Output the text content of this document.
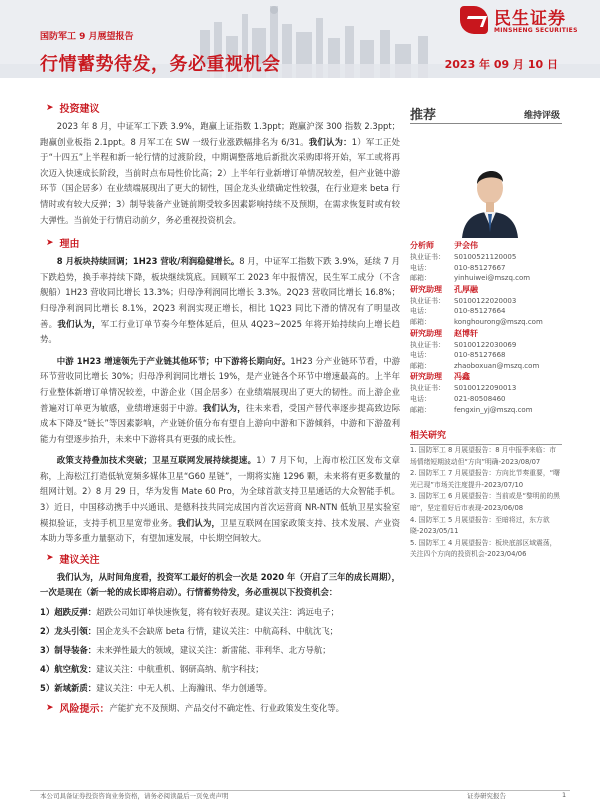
国防军工 9 月展望报告
行情蓄势待发，务必重视机会	2023 年 09 月 10 日
民生证券
MINSHENG SECURITIES
➤ 投资建议

2023 年 8 月，中证军工下跌 3.9%，跑赢上证指数 1.3ppt；跑赢沪深 300 指数 2.3ppt；跑赢创业板指 2.1ppt。8 月军工在 SW 一级行业涨跌幅排名为 6/31。我们认为：1）军工正处于“十四五”上半程和新一轮行情的过渡阶段，中期调整落地后新批次采购即将开始，军工或将再次迈入快速成长阶段，当前时点布局性价比高；2）上半年行业新增订单情况较差，但产业链中游环节（国企居多）在业绩端展现出了更大的韧性，国企龙头业绩确定性较强，在行业迎来 beta 行情时或有较大反弹；3）制导装备产业链前期受较多因素影响持续不及预期，在需求恢复时或有较大弹性。当前处于行情启动前夕，务必重视投资机会。

➤ 理由

8 月板块持续回调；1H23 营收/利润稳健增长。8 月，中证军工指数下跌 3.9%，延续 7 月下跌趋势，换手率持续下降，板块继续筑底。回顾军工 2023 年中报情况，民生军工成分（不含舰船）1H23 营收同比增长 13.3%；归母净利润同比增长 3.3%。2Q23 营收同比增长 16.8%；归母净利润同比增长 8.1%，2Q23 利润实现正增长，相比 1Q23 同比下滑的情况有了明显改善。我们认为，军工行业订单节奏今年整体延后，但从 4Q23~2025 年将开始持续向上增长趋势。

中游 1H23 增速领先于产业链其他环节；中下游将长期向好。1H23 分产业链环节看，中游环节营收同比增长 30%；归母净利润同比增长 19%，是产业链各个环节中增速最高的。上半年行业整体新增订单情况较差，中游企业（国企居多）在业绩端展现出了更大的韧性。而上游企业普遍对订单更为敏感，业绩增速弱于中游。我们认为，往未来看，受国产替代率逐步提高致边际成本下降及“链长”等因素影响，产业链价值分布有望自上游向中游和下游倾斜，中游和下游盈利能力有望逐步抬升，未来中下游将具有更强的成长性。

政策支持叠加技术突破；卫星互联网发展持续提速。1）7 月下旬，上海市松江区发布文章称，上海松江打造低轨宽频多媒体卫星“G60 星链”，一期将实施 1296 颗，未来将有更多数量的组网计划。2）8 月 29 日，华为发售 Mate 60 Pro，为全球首款支持卫星通话的大众智能手机。3）近日，中国移动携手中兴通讯、是德科技共同完成国内首次运营商 NR-NTN 低轨卫星实验室模拟验证，支持手机卫星宽带业务。我们认为，卫星互联网在国家政策支持、技术发展、产业资本助力等多重力量驱动下，有望加速发展，中长期空间较大。

➤ 建议关注

我们认为，从时间角度看，投资军工最好的机会一次是 2020 年（开启了三年的成长周期），一次是现在（新一轮的成长即将启动）。行情蓄势待发，务必重视以下投资机会：

1）超跌反弹：超跌公司如订单快速恢复，将有较好表现。建议关注：鸿远电子；
2）龙头引领：国企龙头不会缺席 beta 行情，建议关注：中航高科、中航沈飞；
3）制导装备：未来弹性最大的领域，建议关注：新雷能、菲利华、北方导航；
4）航空航发：建议关注：中航重机、钢研高纳、航宇科技；
5）新域新质：建议关注：中无人机、上海瀚讯、华力创通等。
➤ 风险提示： 产能扩充不及预期、产品交付不确定性、行业政策发生变化等。
推荐	维持评级
分析师	尹会伟
执业证书：	S0100521120005
电话：	010-85127667
邮箱：	yinhuiwei@mszq.com
研究助理	孔厚融
执业证书：	S0100122020003
电话：	010-85127664
邮箱：	konghourong@mszq.com
研究助理	赵博轩
执业证书：	S0100122030069
电话：	010-85127668
邮箱：	zhaoboxuan@mszq.com
研究助理	冯鑫
执业证书：	S0100122090013
电话：	021-80508460
邮箱：	fengxin_yj@mszq.com
相关研究
1. 国防军工 8 月展望报告：8 月中报季来临：市场情绪短期波动但“方向”明确-2023/08/07
2. 国防军工 7 月展望报告：方向比节奏重要，“曙光已现”市场关注度提升-2023/07/10
3. 国防军工 6 月展望报告：当前或是“黎明前的黑暗”，坚定看好后市表现-2023/06/08
4. 国防军工 5 月展望报告：至暗将过，东方欲晓-2023/05/11
5. 国防军工 4 月展望报告：板块底部区域震荡，关注四个方向的投资机会-2023/04/06
本公司具备证券投资咨询业务资格，请务必阅读最后一页免责声明	证券研究报告	1
